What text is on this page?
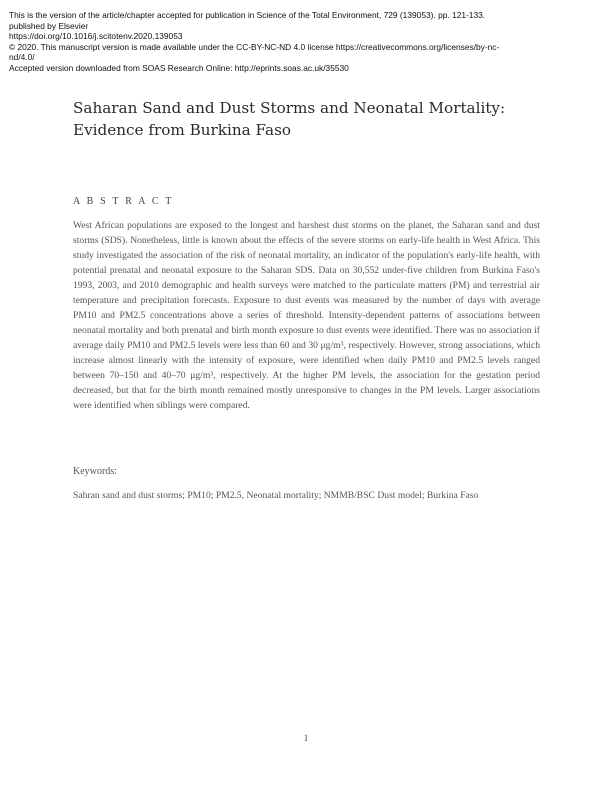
This is the version of the article/chapter accepted for publication in Science of the Total Environment, 729 (139053). pp. 121-133.
published by Elsevier
https://doi.org/10.1016/j.scitotenv.2020.139053
© 2020. This manuscript version is made available under the CC-BY-NC-ND 4.0 license https://creativecommons.org/licenses/by-nc-
nd/4.0/
Accepted version downloaded from SOAS Research Online: http://eprints.soas.ac.uk/35530
Saharan Sand and Dust Storms and Neonatal Mortality: Evidence from Burkina Faso
A B S T R A C T

West African populations are exposed to the longest and harshest dust storms on the planet, the Saharan sand and dust storms (SDS). Nonetheless, little is known about the effects of the severe storms on early-life health in West Africa. This study investigated the association of the risk of neonatal mortality, an indicator of the population's early-life health, with potential prenatal and neonatal exposure to the Saharan SDS. Data on 30,552 under-five children from Burkina Faso's 1993, 2003, and 2010 demographic and health surveys were matched to the particulate matters (PM) and terrestrial air temperature and precipitation forecasts. Exposure to dust events was measured by the number of days with average PM10 and PM2.5 concentrations above a series of threshold. Intensity-dependent patterns of associations between neonatal mortality and both prenatal and birth month exposure to dust events were identified. There was no association if average daily PM10 and PM2.5 levels were less than 60 and 30 μg/m³, respectively. However, strong associations, which increase almost linearly with the intensity of exposure, were identified when daily PM10 and PM2.5 levels ranged between 70–150 and 40–70 μg/m³, respectively. At the higher PM levels, the association for the gestation period decreased, but that for the birth month remained mostly unresponsive to changes in the PM levels. Larger associations were identified when siblings were compared.

Keywords:

Sahran sand and dust storms; PM10; PM2.5, Neonatal mortality; NMMB/BSC Dust model; Burkina Faso

1
